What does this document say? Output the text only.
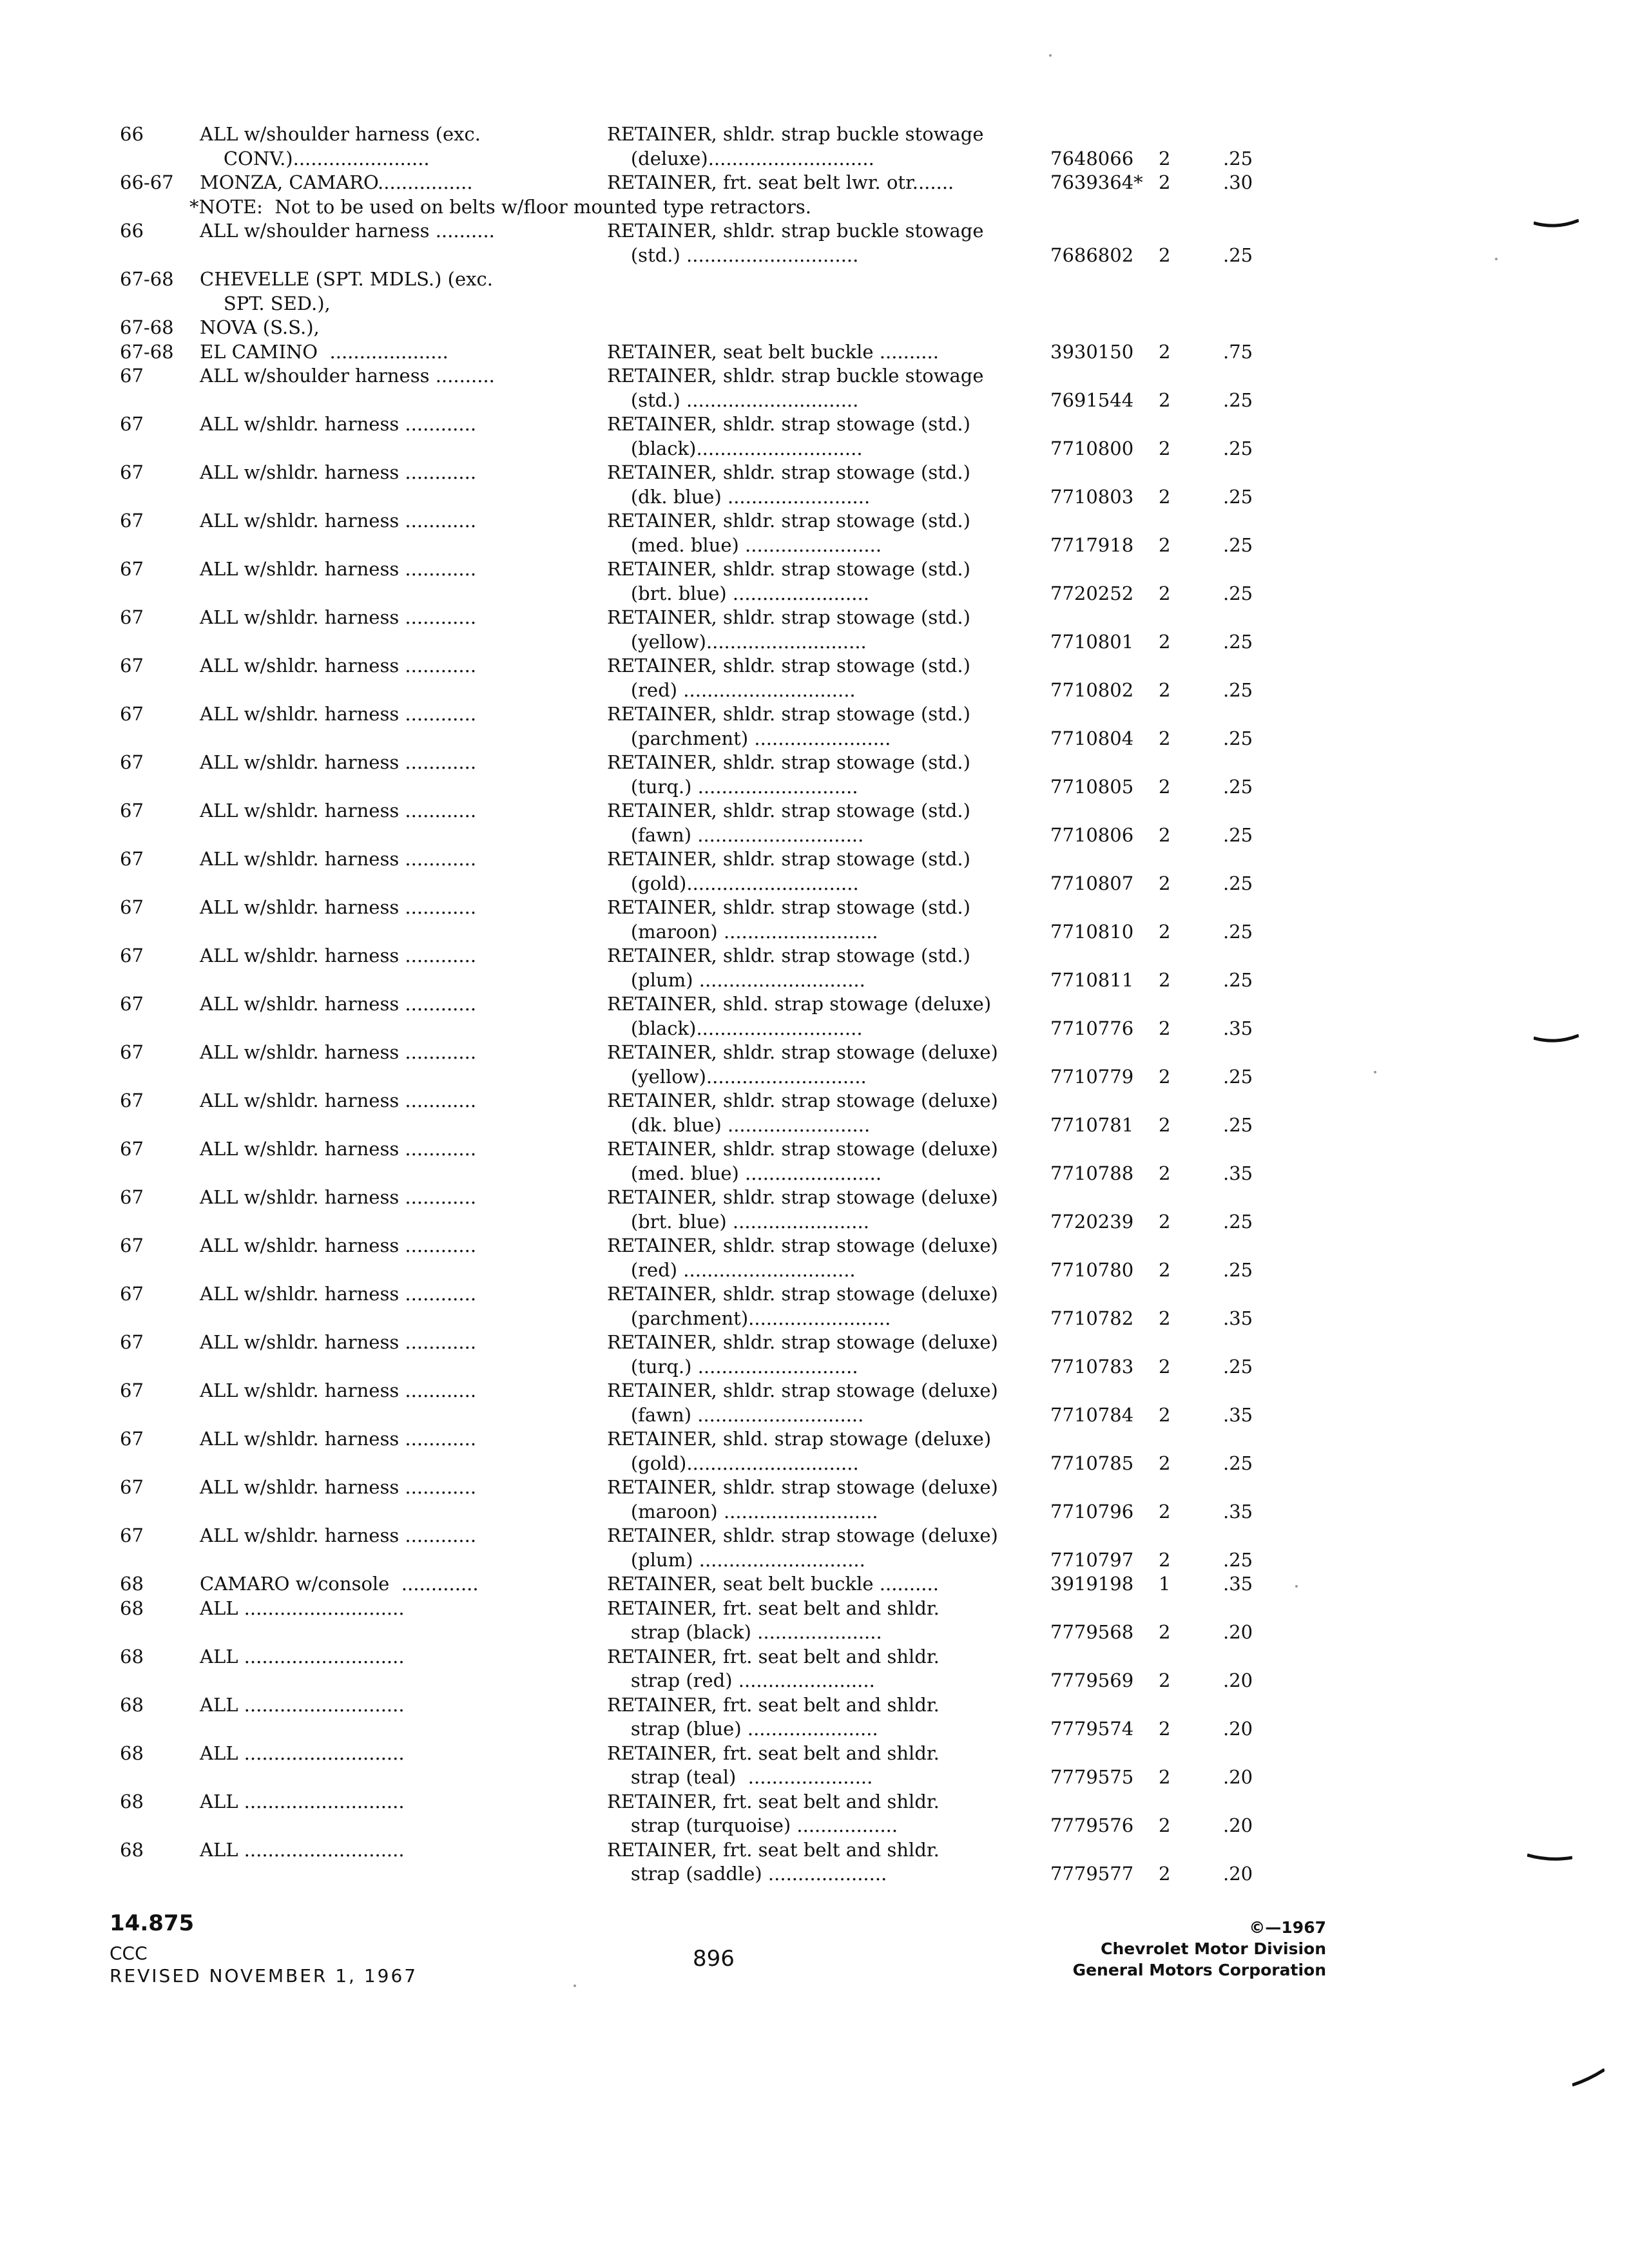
66	ALL w/shoulder harness (exc.
CONV.).......................
RETAINER, shldr. strap buckle stowage
(deluxe)............................	7648066	2	.25
66-67	MONZA, CAMARO................	RETAINER, frt. seat belt lwr. otr.......	7639364* 2	.30
*NOTE:  Not to be used on belts w/floor mounted type retractors.
66	ALL w/shoulder harness ..........	RETAINER, shldr. strap buckle stowage
(std.) .............................	7686802	2	.25
67-68	CHEVELLE (SPT. MDLS.) (exc.
SPT. SED.),
67-68	NOVA (S.S.),
67-68	EL CAMINO  ....................	RETAINER, seat belt buckle ..........	3930150	2	.75
67	ALL w/shoulder harness ..........	RETAINER, shldr. strap buckle stowage
(std.) .............................	7691544	2	.25
67	ALL w/shldr. harness ............	RETAINER, shldr. strap stowage (std.)
(black)............................	7710800	2	.25
67	ALL w/shldr. harness ............	RETAINER, shldr. strap stowage (std.)
(dk. blue) ........................	7710803	2	.25
67	ALL w/shldr. harness ............	RETAINER, shldr. strap stowage (std.)
(med. blue) .......................	7717918	2	.25
67	ALL w/shldr. harness ............	RETAINER, shldr. strap stowage (std.)
(brt. blue) .......................	7720252	2	.25
67	ALL w/shldr. harness ............	RETAINER, shldr. strap stowage (std.)
(yellow)...........................	7710801	2	.25
67	ALL w/shldr. harness ............	RETAINER, shldr. strap stowage (std.)
(red) .............................	7710802	2	.25
67	ALL w/shldr. harness ............	RETAINER, shldr. strap stowage (std.)
(parchment) .......................	7710804	2	.25
67	ALL w/shldr. harness ............	RETAINER, shldr. strap stowage (std.)
(turq.) ...........................	7710805	2	.25
67	ALL w/shldr. harness ............	RETAINER, shldr. strap stowage (std.)
(fawn) ............................	7710806	2	.25
67	ALL w/shldr. harness ............	RETAINER, shldr. strap stowage (std.)
(gold).............................	7710807	2	.25
67	ALL w/shldr. harness ............	RETAINER, shldr. strap stowage (std.)
(maroon) ..........................	7710810	2	.25
67	ALL w/shldr. harness ............	RETAINER, shldr. strap stowage (std.)
(plum) ............................	7710811	2	.25
67	ALL w/shldr. harness ............	RETAINER, shld. strap stowage (deluxe)
(black)............................	7710776	2	.35
67	ALL w/shldr. harness ............	RETAINER, shldr. strap stowage (deluxe)
(yellow)...........................	7710779	2	.25
67	ALL w/shldr. harness ............	RETAINER, shldr. strap stowage (deluxe)
(dk. blue) ........................	7710781	2	.25
67	ALL w/shldr. harness ............	RETAINER, shldr. strap stowage (deluxe)
(med. blue) .......................	7710788	2	.35
67	ALL w/shldr. harness ............	RETAINER, shldr. strap stowage (deluxe)
(brt. blue) .......................	7720239	2	.25
67	ALL w/shldr. harness ............	RETAINER, shldr. strap stowage (deluxe)
(red) .............................	7710780	2	.25
67	ALL w/shldr. harness ............	RETAINER, shldr. strap stowage (deluxe)
(parchment)........................	7710782	2	.35
67	ALL w/shldr. harness ............	RETAINER, shldr. strap stowage (deluxe)
(turq.) ...........................	7710783	2	.25
67	ALL w/shldr. harness ............	RETAINER, shldr. strap stowage (deluxe)
(fawn) ............................	7710784	2	.35
67	ALL w/shldr. harness ............	RETAINER, shld. strap stowage (deluxe)
(gold).............................	7710785	2	.25
67	ALL w/shldr. harness ............	RETAINER, shldr. strap stowage (deluxe)
(maroon) ..........................	7710796	2	.35
67	ALL w/shldr. harness ............	RETAINER, shldr. strap stowage (deluxe)
(plum) ............................	7710797	2	.25
68	CAMARO w/console  .............	RETAINER, seat belt buckle ..........	3919198	1	.35
68	ALL ...........................	RETAINER, frt. seat belt and shldr.
strap (black) .....................	7779568	2	.20
68	ALL ...........................	RETAINER, frt. seat belt and shldr.
strap (red) .......................	7779569	2	.20
68	ALL ...........................	RETAINER, frt. seat belt and shldr.
strap (blue) ......................	7779574	2	.20
68	ALL ...........................	RETAINER, frt. seat belt and shldr.
strap (teal)  .....................	7779575	2	.20
68	ALL ...........................	RETAINER, frt. seat belt and shldr.
strap (turquoise) .................	7779576	2	.20
68	ALL ...........................	RETAINER, frt. seat belt and shldr.
strap (saddle) ....................	7779577	2	.20
14.875
CCC
REVISED NOVEMBER 1, 1967
896
©—1967
Chevrolet Motor Division
General Motors Corporation
